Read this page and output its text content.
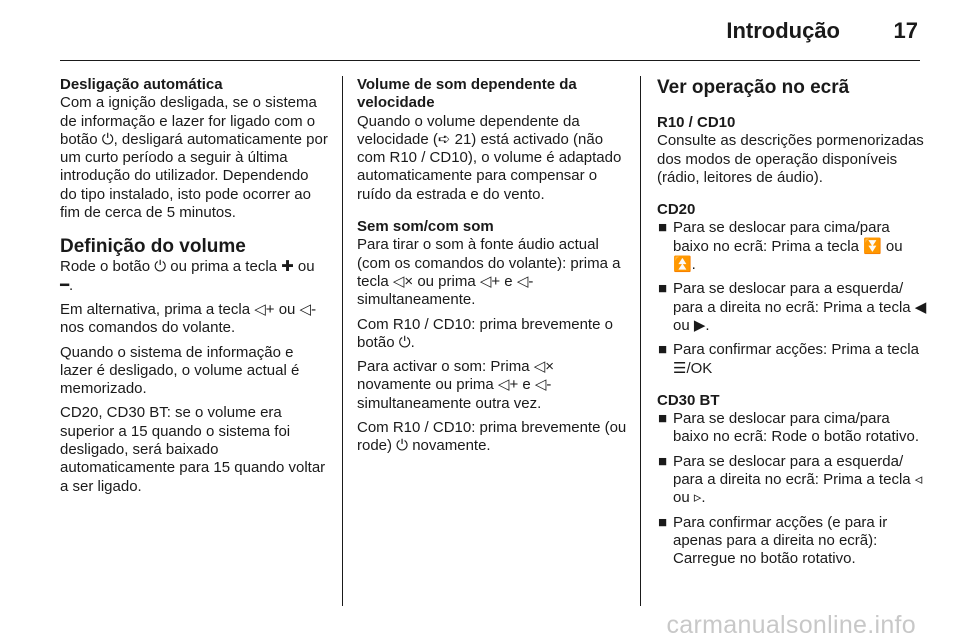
Introdução 17

Desligação automática

Com a ignição desligada, se o sistema de informação e lazer for ligado com o botão ⏻, desligará automaticamente por um curto período a seguir à última introdução do utilizador. Dependendo do tipo instalado, isto pode ocorrer ao fim de cerca de 5 minutos.

Definição do volume

Rode o botão ⏻ ou prima a tecla ✚ ou ━.

Em alternativa, prima a tecla ◁+ ou ◁- nos comandos do volante.

Quando o sistema de informação e lazer é desligado, o volume actual é memorizado.

CD20, CD30 BT: se o volume era superior a 15 quando o sistema foi desligado, será baixado automaticamente para 15 quando voltar a ser ligado.

Volume de som dependente da velocidade

Quando o volume dependente da velocidade (➪ 21) está activado (não com R10 / CD10), o volume é adaptado automaticamente para compensar o ruído da estrada e do vento.

Sem som/com som

Para tirar o som à fonte áudio actual (com os comandos do volante): prima a tecla ◁× ou prima ◁+ e ◁- simultaneamente.

Com R10 / CD10: prima brevemente o botão ⏻.

Para activar o som: Prima ◁× novamente ou prima ◁+ e ◁- simultaneamente outra vez.

Com R10 / CD10: prima brevemente (ou rode) ⏻ novamente.

Ver operação no ecrã

R10 / CD10

Consulte as descrições pormenorizadas dos modos de operação disponíveis (rádio, leitores de áudio).

CD20

■ Para se deslocar para cima/para baixo no ecrã: Prima a tecla ⏬ ou ⏫.
■ Para se deslocar para a esquerda/ para a direita no ecrã: Prima a tecla ◀ ou ▶.
■ Para confirmar acções: Prima a tecla ☰/OK

CD30 BT

■ Para se deslocar para cima/para baixo no ecrã: Rode o botão rotativo.
■ Para se deslocar para a esquerda/ para a direita no ecrã: Prima a tecla ◃ ou ▹.
■ Para confirmar acções (e para ir apenas para a direita no ecrã): Carregue no botão rotativo.
carmanualsonline.info
